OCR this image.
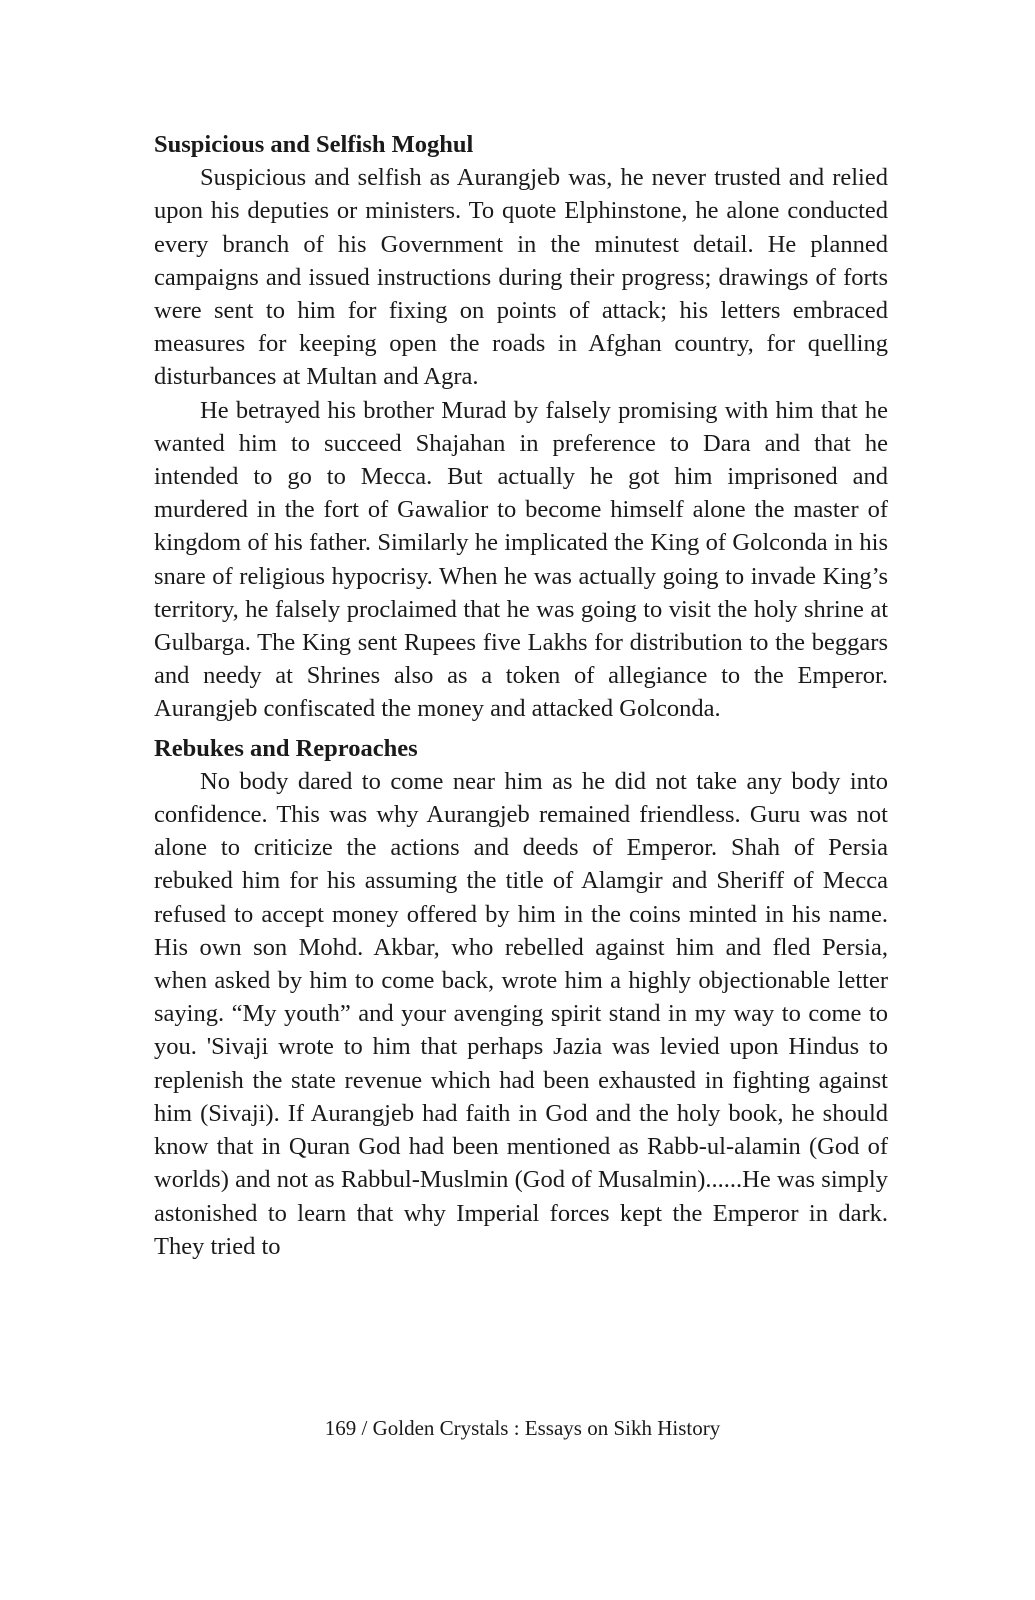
Suspicious and Selfish Moghul

Suspicious and selfish as Aurangjeb was, he never trusted and relied upon his deputies or ministers. To quote Elphinstone, he alone conducted every branch of his Government in the minutest detail. He planned campaigns and issued instructions during their progress; drawings of forts were sent to him for fixing on points of attack; his letters embraced measures for keeping open the roads in Afghan country, for quelling disturbances at Multan and Agra.

He betrayed his brother Murad by falsely promising with him that he wanted him to succeed Shajahan in preference to Dara and that he intended to go to Mecca. But actually he got him imprisoned and murdered in the fort of Gawalior to become himself alone the master of kingdom of his father. Similarly he implicated the King of Golconda in his snare of religious hypocrisy. When he was actually going to invade King’s territory, he falsely proclaimed that he was going to visit the holy shrine at Gulbarga. The King sent Rupees five Lakhs for distribution to the beggars and needy at Shrines also as a token of allegiance to the Emperor. Aurangjeb confiscated the money and attacked Golconda.

Rebukes and Reproaches

No body dared to come near him as he did not take any body into confidence. This was why Aurangjeb remained friendless. Guru was not alone to criticize the actions and deeds of Emperor. Shah of Persia rebuked him for his assuming the title of Alamgir and Sheriff of Mecca refused to accept money offered by him in the coins minted in his name. His own son Mohd. Akbar, who rebelled against him and fled Persia, when asked by him to come back, wrote him a highly objectionable letter saying. “My youth” and your avenging spirit stand in my way to come to you. 'Sivaji wrote to him that perhaps Jazia was levied upon Hindus to replenish the state revenue which had been exhausted in fighting against him (Sivaji). If Aurangjeb had faith in God and the holy book, he should know that in Quran God had been mentioned as Rabb-ul-alamin (God of worlds) and not as Rabbul-Muslmin (God of Musalmin)......He was simply astonished to learn that why Imperial forces kept the Emperor in dark. They tried to

169 / Golden Crystals : Essays on Sikh History
